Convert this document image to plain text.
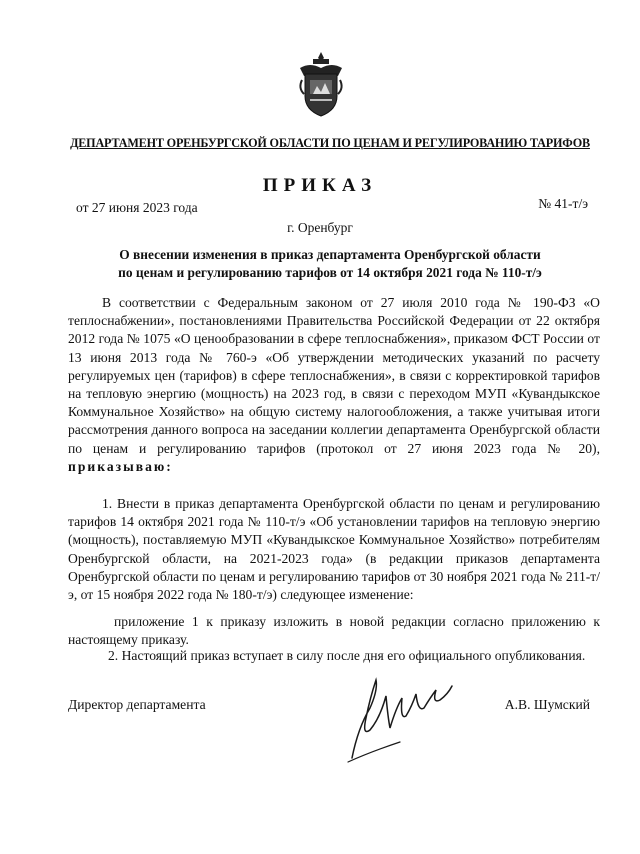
ДЕПАРТАМЕНТ ОРЕНБУРГСКОЙ ОБЛАСТИ ПО ЦЕНАМ И РЕГУЛИРОВАНИЮ ТАРИФОВ
ПРИКАЗ
от 27 июня 2023 года	№ 41-т/э
г. Оренбург
О внесении изменения в приказ департамента Оренбургской области
по ценам и регулированию тарифов от 14 октября 2021 года № 110-т/э

В соответствии с Федеральным законом от 27 июля 2010 года № 190-ФЗ «О теплоснабжении», постановлениями Правительства Российской Федерации от 22 октября 2012 года № 1075 «О ценообразовании в сфере теплоснабжения», приказом ФСТ России от 13 июня 2013 года № 760-э «Об утверждении методических указаний по расчету регулируемых цен (тарифов) в сфере теплоснабжения», в связи с корректировкой тарифов на тепловую энергию (мощность) на 2023 год, в связи с переходом МУП «Кувандыкское Коммунальное Хозяйство» на общую систему налогообложения, а также учитывая итоги рассмотрения данного вопроса на заседании коллегии департамента Оренбургской области по ценам и регулированию тарифов (протокол от 27 июня 2023 года № 20), приказываю:

1. Внести в приказ департамента Оренбургской области по ценам и регулированию тарифов 14 октября 2021 года № 110-т/э «Об установлении тарифов на тепловую энергию (мощность), поставляемую МУП «Кувандыкское Коммунальное Хозяйство» потребителям Оренбургской области, на 2021-2023 года» (в редакции приказов департамента Оренбургской области по ценам и регулированию тарифов от 30 ноября 2021 года № 211-т/э, от 15 ноября 2022 года № 180-т/э) следующее изменение:

приложение 1 к приказу изложить в новой редакции согласно приложению к настоящему приказу.

2. Настоящий приказ вступает в силу после дня его официального опубликования.

Директор департамента	А.В. Шумский
